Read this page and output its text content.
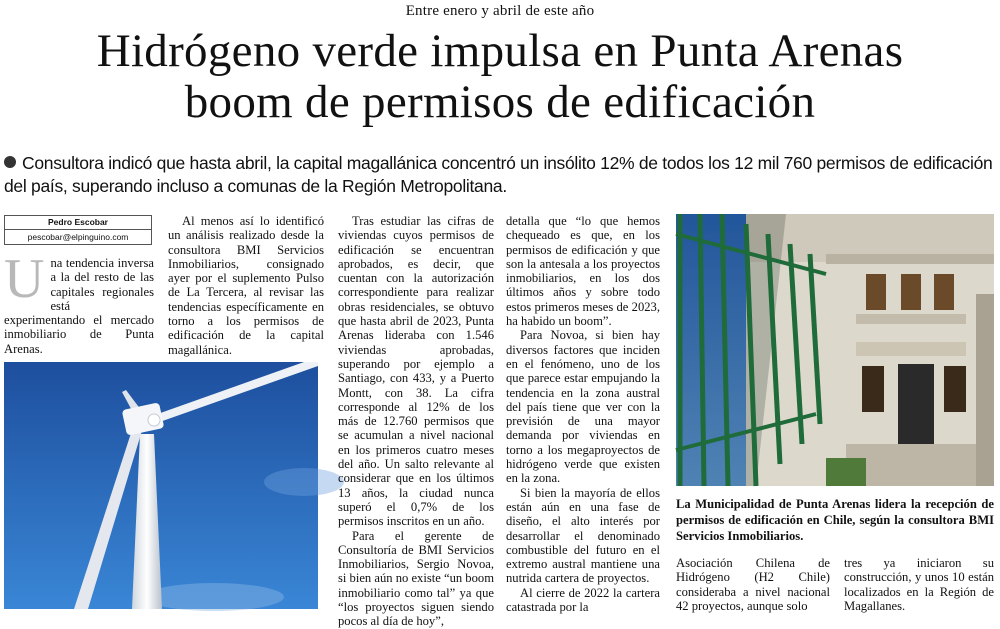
Entre enero y abril de este año
Hidrógeno verde impulsa en Punta Arenas
boom de permisos de edificación
Consultora indicó que hasta abril, la capital magallánica concentró un insólito 12% de todos los 12 mil 760 permisos de edificación del país, superando incluso a comunas de la Región Metropolitana.
Pedro Escobar
pescobar@elpinguino.com
Una tendencia inversa a la del resto de las capitales regionales está experimentando el mercado inmobiliario de Punta Arenas.

Al menos así lo identificó un análisis realizado desde la consultora BMI Servicios Inmobiliarios, consignado ayer por el suplemento Pulso de La Tercera, al revisar las tendencias específicamente en torno a los permisos de edificación de la capital magallánica.

Tras estudiar las cifras de viviendas cuyos permisos de edificación se encuentran aprobados, es decir, que cuentan con la autorización correspondiente para realizar obras residenciales, se obtuvo que hasta abril de 2023, Punta Arenas lideraba con 1.546 viviendas aprobadas, superando por ejemplo a Santiago, con 433, y a Puerto Montt, con 38. La cifra corresponde al 12% de los más de 12.760 permisos que se acumulan a nivel nacional en los primeros cuatro meses del año. Un salto relevante al considerar que en los últimos 13 años, la ciudad nunca superó el 0,7% de los permisos inscritos en un año.

Para el gerente de Consultoría de BMI Servicios Inmobiliarios, Sergio Novoa, si bien aún no existe “un boom inmobiliario como tal” ya que “los proyectos siguen siendo pocos al día de hoy”,

detalla que “lo que hemos chequeado es que, en los permisos de edificación y que son la antesala a los proyectos inmobiliarios, en los dos últimos años y sobre todo estos primeros meses de 2023, ha habido un boom”.

Para Novoa, si bien hay diversos factores que inciden en el fenómeno, uno de los que parece estar empujando la tendencia en la zona austral del país tiene que ver con la previsión de una mayor demanda por viviendas en torno a los megaproyectos de hidrógeno verde que existen en la zona.

Si bien la mayoría de ellos están aún en una fase de diseño, el alto interés por desarrollar el denominado combustible del futuro en el extremo austral mantiene una nutrida cartera de proyectos.

Al cierre de 2022 la cartera catastrada por la

La Municipalidad de Punta Arenas lidera la recepción de permisos de edificación en Chile, según la consultora BMI Servicios Inmobiliarios.

Asociación Chilena de Hidrógeno (H2 Chile) consideraba a nivel nacional 42 proyectos, aunque solo

tres ya iniciaron su construcción, y unos 10 están localizados en la Región de Magallanes.
